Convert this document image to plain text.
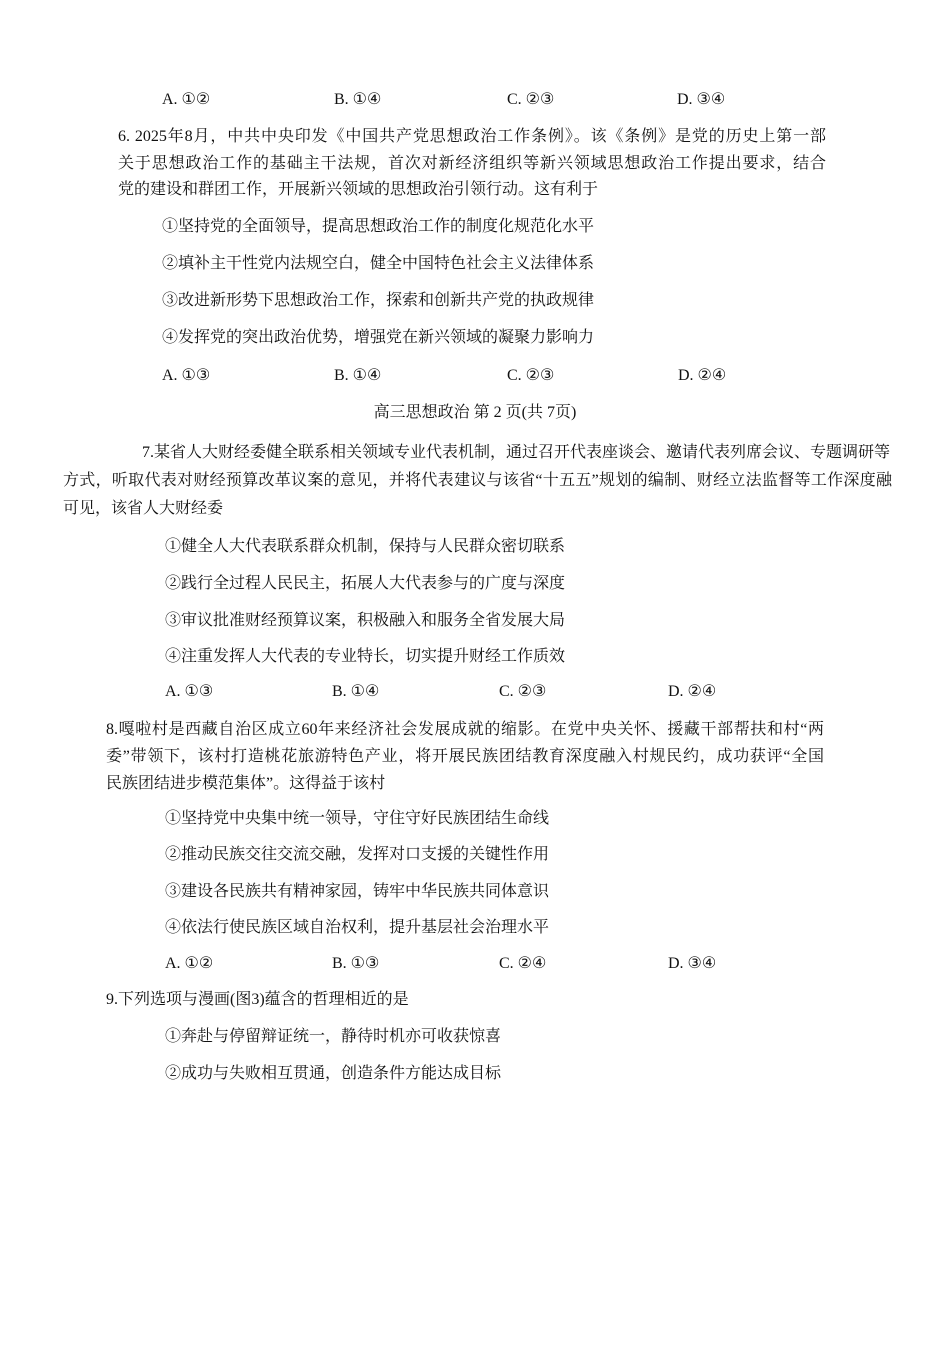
A. ①②	B. ①④	C. ②③	D. ③④
6. 2025年8月，中共中央印发《中国共产党思想政治工作条例》。该《条例》是党的历史上第一部
关于思想政治工作的基础主干法规，首次对新经济组织等新兴领域思想政治工作提出要求，结合
党的建设和群团工作，开展新兴领域的思想政治引领行动。这有利于
①坚持党的全面领导，提高思想政治工作的制度化规范化水平
②填补主干性党内法规空白，健全中国特色社会主义法律体系
③改进新形势下思想政治工作，探索和创新共产党的执政规律
④发挥党的突出政治优势，增强党在新兴领域的凝聚力影响力
A. ①③	B. ①④	C. ②③	D. ②④
高三思想政治 第 2 页(共 7页)
7.某省人大财经委健全联系相关领域专业代表机制，通过召开代表座谈会、邀请代表列席会议、专题调研等
方式，听取代表对财经预算改革议案的意见，并将代表建议与该省“十五五”规划的编制、财经立法监督等工作深度融
可见，该省人大财经委
①健全人大代表联系群众机制，保持与人民群众密切联系
②践行全过程人民民主，拓展人大代表参与的广度与深度
③审议批准财经预算议案，积极融入和服务全省发展大局
④注重发挥人大代表的专业特长，切实提升财经工作质效
A. ①③	B. ①④	C. ②③	D. ②④
8.嘎啦村是西藏自治区成立60年来经济社会发展成就的缩影。在党中央关怀、援藏干部帮扶和村“两
委”带领下，该村打造桃花旅游特色产业，将开展民族团结教育深度融入村规民约，成功获评“全国
民族团结进步模范集体”。这得益于该村
①坚持党中央集中统一领导，守住守好民族团结生命线
②推动民族交往交流交融，发挥对口支援的关键性作用
③建设各民族共有精神家园，铸牢中华民族共同体意识
④依法行使民族区域自治权利，提升基层社会治理水平
A. ①②	B. ①③	C. ②④	D. ③④
9.下列选项与漫画(图3)蕴含的哲理相近的是
①奔赴与停留辩证统一，静待时机亦可收获惊喜
②成功与失败相互贯通，创造条件方能达成目标
